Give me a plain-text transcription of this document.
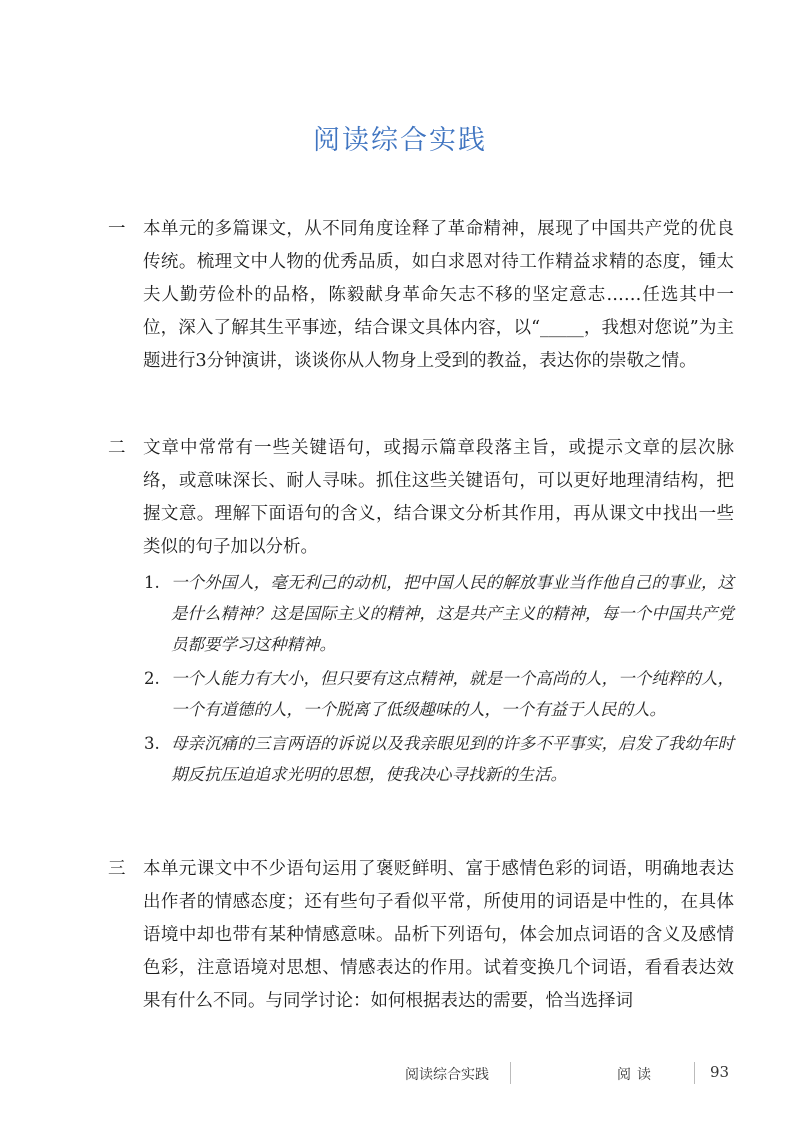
阅读综合实践
一	本单元的多篇课文，从不同角度诠释了革命精神，展现了中国共产党的优良传统。梳理文中人物的优秀品质，如白求恩对待工作精益求精的态度，锺太夫人勤劳俭朴的品格，陈毅献身革命矢志不移的坚定意志……任选其中一位，深入了解其生平事迹，结合课文具体内容，以“_____，我想对您说”为主题进行3分钟演讲，谈谈你从人物身上受到的教益，表达你的崇敬之情。

二	文章中常常有一些关键语句，或揭示篇章段落主旨，或提示文章的层次脉络，或意味深长、耐人寻味。抓住这些关键语句，可以更好地理清结构，把握文意。理解下面语句的含义，结合课文分析其作用，再从课文中找出一些类似的句子加以分析。

1. 一个外国人，毫无利己的动机，把中国人民的解放事业当作他自己的事业，这是什么精神？这是国际主义的精神，这是共产主义的精神，每一个中国共产党员都要学习这种精神。
2. 一个人能力有大小，但只要有这点精神，就是一个高尚的人，一个纯粹的人，一个有道德的人，一个脱离了低级趣味的人，一个有益于人民的人。
3. 母亲沉痛的三言两语的诉说以及我亲眼见到的许多不平事实，启发了我幼年时期反抗压迫追求光明的思想，使我决心寻找新的生活。
三	本单元课文中不少语句运用了褒贬鲜明、富于感情色彩的词语，明确地表达出作者的情感态度；还有些句子看似平常，所使用的词语是中性的，在具体语境中却也带有某种情感意味。品析下列语句，体会加点词语的含义及感情色彩，注意语境对思想、情感表达的作用。试着变换几个词语，看看表达效果有什么不同。与同学讨论：如何根据表达的需要，恰当选择词

阅读综合实践	阅读	93
